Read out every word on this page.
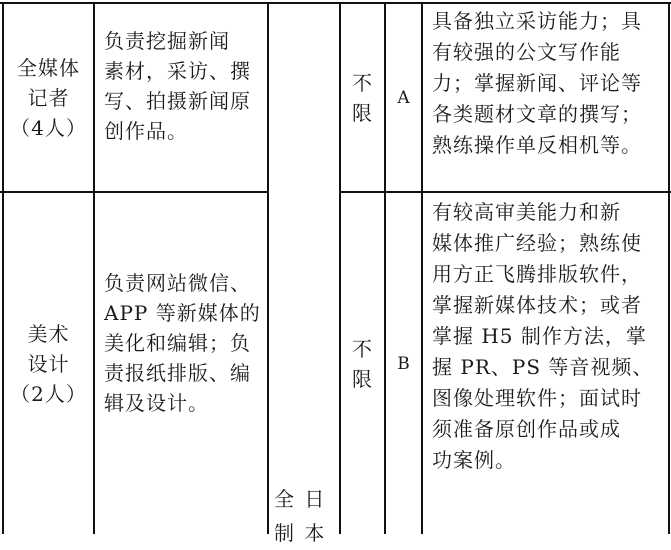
全媒体
记者
（4人）
负责挖掘新闻
素材，采访、撰
写、拍摄新闻原
创作品。
不
限
A
具备独立采访能力；具
有较强的公文写作能
力；掌握新闻、评论等
各类题材文章的撰写；
熟练操作单反相机等。
美术
设计
（2人）
负责网站微信、
APP 等新媒体的
美化和编辑；负
责报纸排版、编
辑及设计。
不
限
B
有较高审美能力和新
媒体推广经验；熟练使
用方正飞腾排版软件，
掌握新媒体技术；或者
掌握 H5 制作方法，掌
握 PR、PS 等音视频、
图像处理软件；面试时
须准备原创作品或成
功案例。
全 日
制 本
